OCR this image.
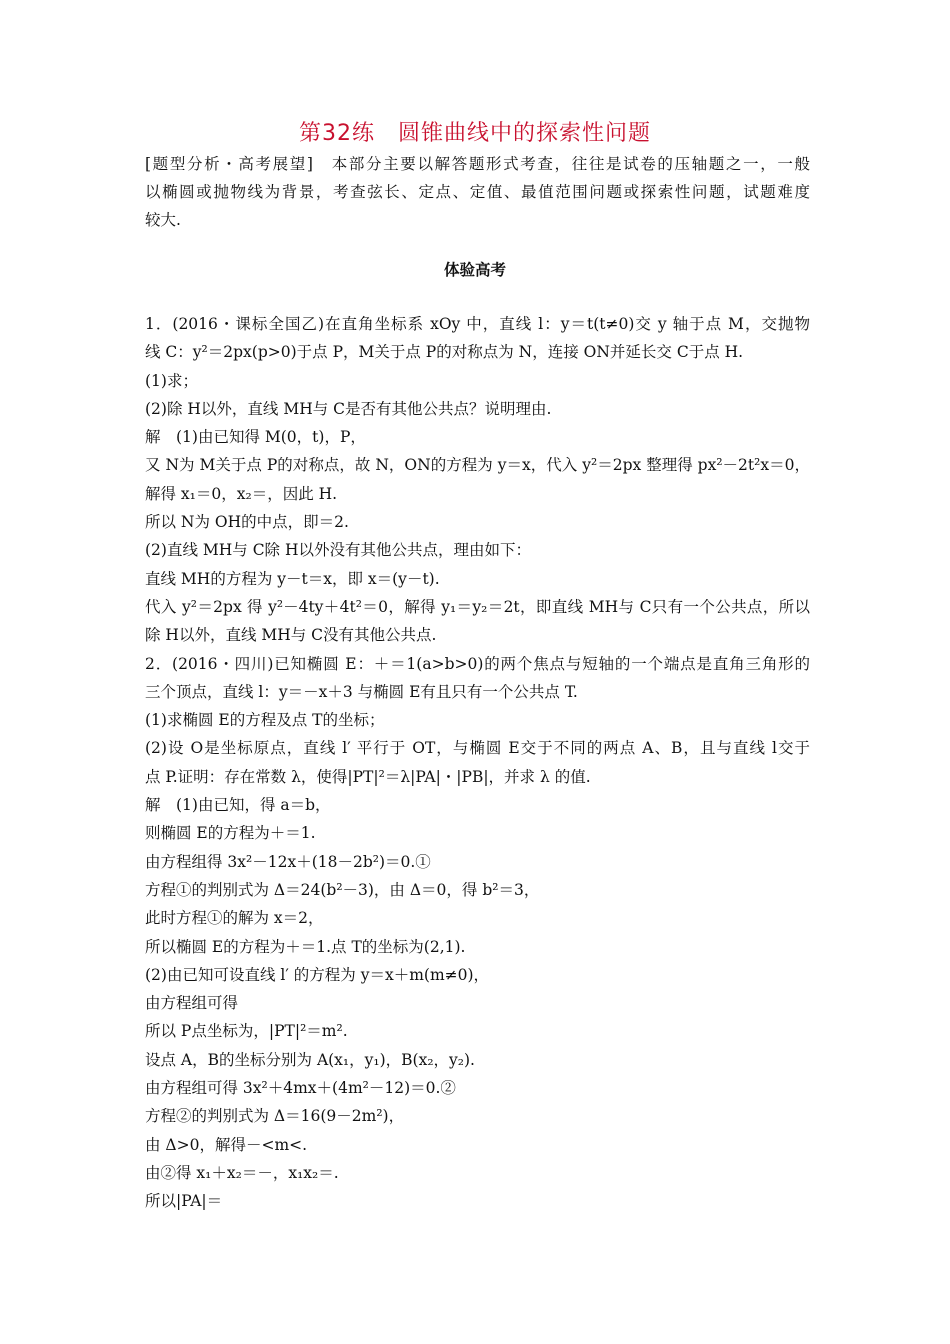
第32练　圆锥曲线中的探索性问题
[题型分析・高考展望]　本部分主要以解答题形式考查，往往是试卷的压轴题之一，一般
以椭圆或抛物线为背景，考查弦长、定点、定值、最值范围问题或探索性问题，试题难度
较大.
体验高考
1．(2016・课标全国乙)在直角坐标系 xOy 中，直线 l：y＝t(t≠0)交 y 轴于点 M，交抛物
线 C：y²＝2px(p>0)于点 P，M关于点 P的对称点为 N，连接 ON并延长交 C于点 H.
(1)求；
(2)除 H以外，直线 MH与 C是否有其他公共点？说明理由.
解　(1)由已知得 M(0，t)，P，
又 N为 M关于点 P的对称点，故 N，ON的方程为 y＝x，代入 y²＝2px 整理得 px²－2t²x＝0，
解得 x₁＝0，x₂＝，因此 H.
所以 N为 OH的中点，即＝2.
(2)直线 MH与 C除 H以外没有其他公共点，理由如下：
直线 MH的方程为 y－t＝x，即 x＝(y－t).
代入 y²＝2px 得 y²－4ty＋4t²＝0，解得 y₁＝y₂＝2t，即直线 MH与 C只有一个公共点，所以
除 H以外，直线 MH与 C没有其他公共点.
2．(2016・四川)已知椭圆 E：＋＝1(a>b>0)的两个焦点与短轴的一个端点是直角三角形的
三个顶点，直线 l：y＝－x＋3 与椭圆 E有且只有一个公共点 T.
(1)求椭圆 E的方程及点 T的坐标；
(2)设 O是坐标原点，直线 l′ 平行于 OT，与椭圆 E交于不同的两点 A、B，且与直线 l交于
点 P.证明：存在常数 λ，使得|PT|²＝λ|PA|・|PB|，并求 λ 的值.
解　(1)由已知，得 a＝b，
则椭圆 E的方程为＋＝1.
由方程组得 3x²－12x＋(18－2b²)＝0.①
方程①的判别式为 Δ＝24(b²－3)，由 Δ＝0，得 b²＝3，
此时方程①的解为 x＝2，
所以椭圆 E的方程为＋＝1.点 T的坐标为(2,1).
(2)由已知可设直线 l′ 的方程为 y＝x＋m(m≠0)，
由方程组可得
所以 P点坐标为，|PT|²＝m².
设点 A，B的坐标分别为 A(x₁，y₁)，B(x₂，y₂).
由方程组可得 3x²＋4mx＋(4m²－12)＝0.②
方程②的判别式为 Δ＝16(9－2m²)，
由 Δ>0，解得－<m<.
由②得 x₁＋x₂＝－，x₁x₂＝.
所以|PA|＝
